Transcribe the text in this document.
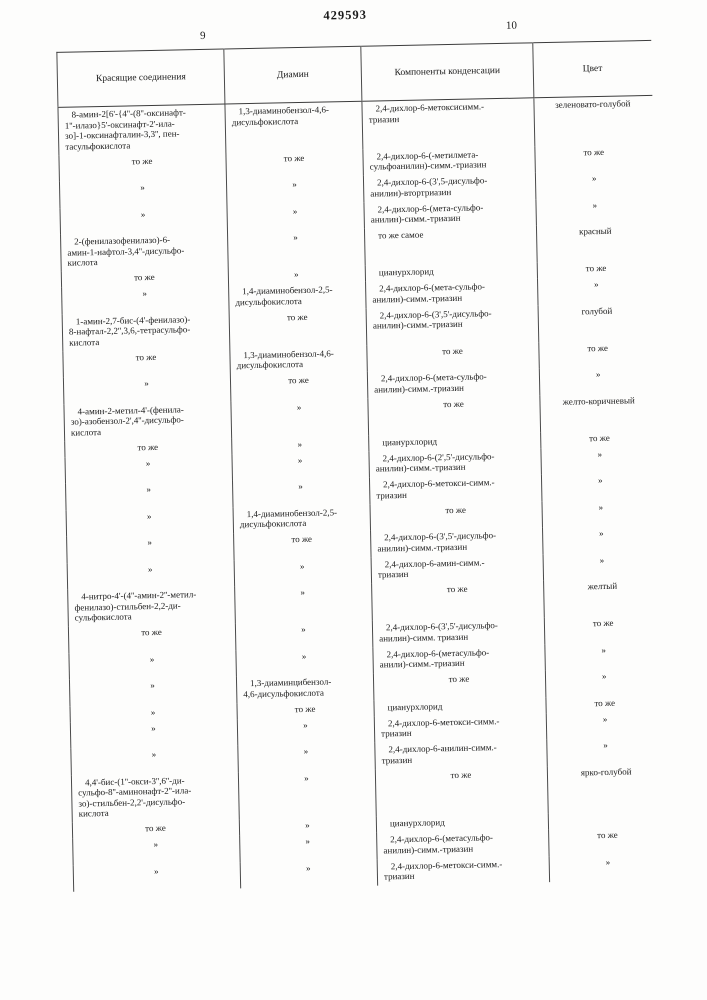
429593
9
10
Красящие соединения	Диамин	Компоненты конденсации	Цвет
8-амин-2[6'-{4''-(8''-оксинафт-
1''-илазо}5'-оксинафт-2'-ила-
зо]-1-оксинафталин-3,3'', пен-
тасульфокислота	1,3-диаминобензол-4,6-
дисульфокислота	2,4-дихлор-6-метоксисимм.-
триазин	зеленовато-голубой
то же	то же	2,4-дихлор-6-(-метилмета-
сульфоанилин)-симм.-триазин	то же
»	»	2,4-дихлор-6-(3',5-дисульфо-
анилин)-втортриазин	»
»	»	2,4-дихлор-6-(мета-сульфо-
анилин)-симм.-триазин	»
2-(фенилазофенилазо)-6-
амин-1-нафтол-3,4''-дисульфо-
кислота	»	то же самое	красный
то же	»	цианурхлорид	то же
»	1,4-диаминобензол-2,5-
дисульфокислота	2,4-дихлор-6-(мета-сульфо-
анилин)-симм.-триазин	»
1-амин-2,7-бис-(4'-фенилазо)-
8-нафтал-2,2'',3,6,-тетрасульфо-
кислота	то же	2,4-дихлор-6-(3',5'-дисульфо-
анилин)-симм.-триазин	голубой
то же	1,3-диаминобензол-4,6-
дисульфокислота	то же	то же
»	то же	2,4-дихлор-6-(мета-сульфо-
анилин)-симм.-триазин	»
4-амин-2-метил-4'-(фенила-
зо)-азобензол-2',4''-дисульфо-
кислота	»	то же	желто-коричневый
то же	»	цианурхлорид	то же
»	»	2,4-дихлор-6-(2',5'-дисульфо-
анилин)-симм.-триазин	»
»	»	2,4-дихлор-6-метокси-симм.-
триазин	»
»	1,4-диаминобензол-2,5-
дисульфокислота	то же	»
»	то же	2,4-дихлор-6-(3',5'-дисульфо-
анилин)-симм.-триазин	»
»	»	2,4-дихлор-6-амин-симм.-
триазин	»
4-нитро-4'-(4''-амин-2''-метил-
фенилазо)-стильбен-2,2-ди-
сульфокислота	»	то же	желтый
то же	»	2,4-дихлор-6-(3',5'-дисульфо-
анилин)-симм. триазин	то же
»	»	2,4-дихлор-6-(метасульфо-
анили)-симм.-триазин	»
»	1,3-диаминцибензол-
4,6-дисульфокислота	то же	»
»	то же	цианурхлорид	то же
»	»	2,4-дихлор-6-метокси-симм.-
триазин	»
»	»	2,4-дихлор-6-анилин-симм.-
триазин	»
4,4'-бис-(1''-окси-3'',6''-ди-
сульфо-8''-аминонафт-2''-ила-
зо)-стильбен-2,2'-дисульфо-
кислота	»	то же	ярко-голубой
то же	»	цианурхлорид	
»	»	2,4-дихлор-6-(метасульфо-
анилин)-симм.-триазин	то же
»	»	2,4-дихлор-6-метокси-симм.-
триазин	»
